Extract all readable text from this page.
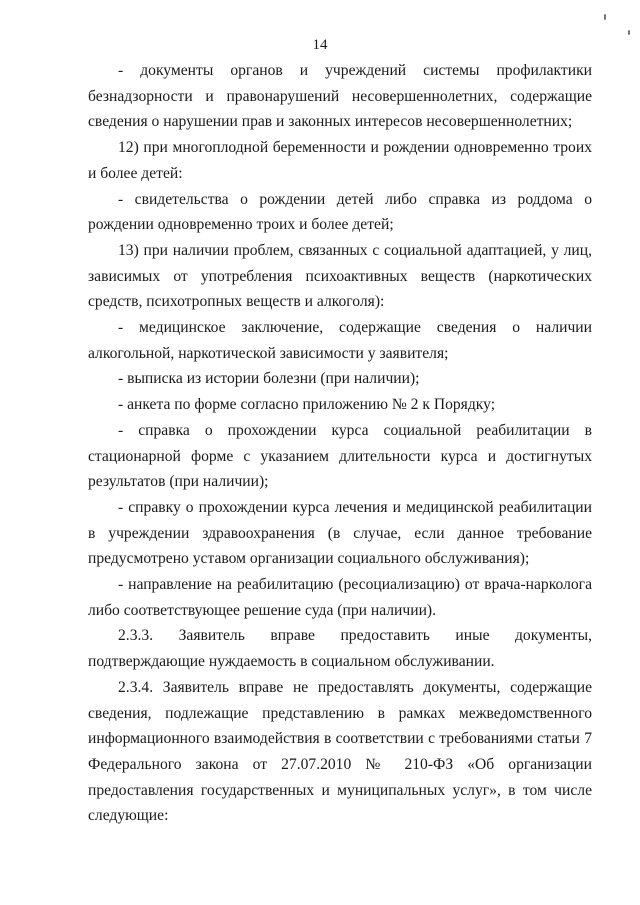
14

- документы органов и учреждений системы профилактики безнадзорности и правонарушений несовершеннолетних, содержащие сведения о нарушении прав и законных интересов несовершеннолетних;

12) при многоплодной беременности и рождении одновременно троих и более детей:

- свидетельства о рождении детей либо справка из роддома о рождении одновременно троих и более детей;

13) при наличии проблем, связанных с социальной адаптацией, у лиц, зависимых от употребления психоактивных веществ (наркотических средств, психотропных веществ и алкоголя):

- медицинское заключение, содержащие сведения о наличии алкогольной, наркотической зависимости у заявителя;

- выписка из истории болезни (при наличии);

- анкета по форме согласно приложению № 2 к Порядку;

- справка о прохождении курса социальной реабилитации в стационарной форме с указанием длительности курса и достигнутых результатов (при наличии);

- справку о прохождении курса лечения и медицинской реабилитации в учреждении здравоохранения (в случае, если данное требование предусмотрено уставом организации социального обслуживания);

- направление на реабилитацию (ресоциализацию) от врача-нарколога либо соответствующее решение суда (при наличии).

2.3.3. Заявитель вправе предоставить иные документы, подтверждающие нуждаемость в социальном обслуживании.

2.3.4. Заявитель вправе не предоставлять документы, содержащие сведения, подлежащие представлению в рамках межведомственного информационного взаимодействия в соответствии с требованиями статьи 7 Федерального закона от 27.07.2010 № 210-ФЗ «Об организации предоставления государственных и муниципальных услуг», в том числе следующие:
